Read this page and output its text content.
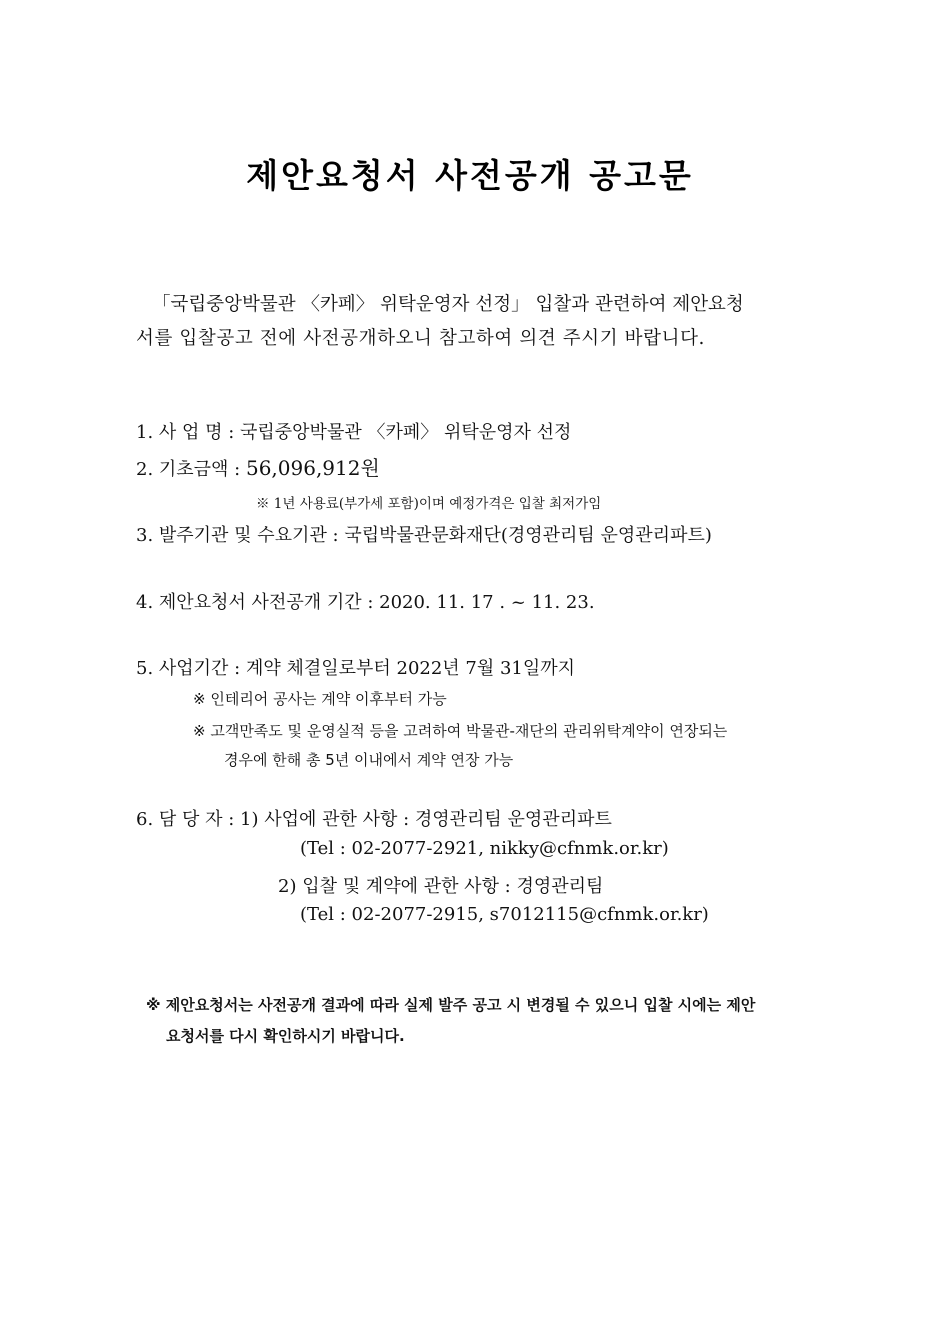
제안요청서 사전공개 공고문
「국립중앙박물관 〈카페〉 위탁운영자 선정」 입찰과 관련하여 제안요청
서를 입찰공고 전에 사전공개하오니 참고하여 의견 주시기 바랍니다.
1. 사 업 명 : 국립중앙박물관 〈카페〉 위탁운영자 선정
2. 기초금액 : 56,096,912원
※ 1년 사용료(부가세 포함)이며 예정가격은 입찰 최저가임
3. 발주기관 및 수요기관 : 국립박물관문화재단(경영관리팀 운영관리파트)
4. 제안요청서 사전공개 기간 : 2020. 11. 17 . ~ 11. 23.
5. 사업기간 : 계약 체결일로부터 2022년 7월 31일까지
※ 인테리어 공사는 계약 이후부터 가능
※ 고객만족도 및 운영실적 등을 고려하여 박물관-재단의 관리위탁계약이 연장되는
경우에 한해 총 5년 이내에서 계약 연장 가능
6. 담 당 자 : 1) 사업에 관한 사항 : 경영관리팀 운영관리파트
(Tel : 02-2077-2921, nikky@cfnmk.or.kr)
2) 입찰 및 계약에 관한 사항 : 경영관리팀
(Tel : 02-2077-2915, s7012115@cfnmk.or.kr)
※ 제안요청서는 사전공개 결과에 따라 실제 발주 공고 시 변경될 수 있으니 입찰 시에는 제안
요청서를 다시 확인하시기 바랍니다.
